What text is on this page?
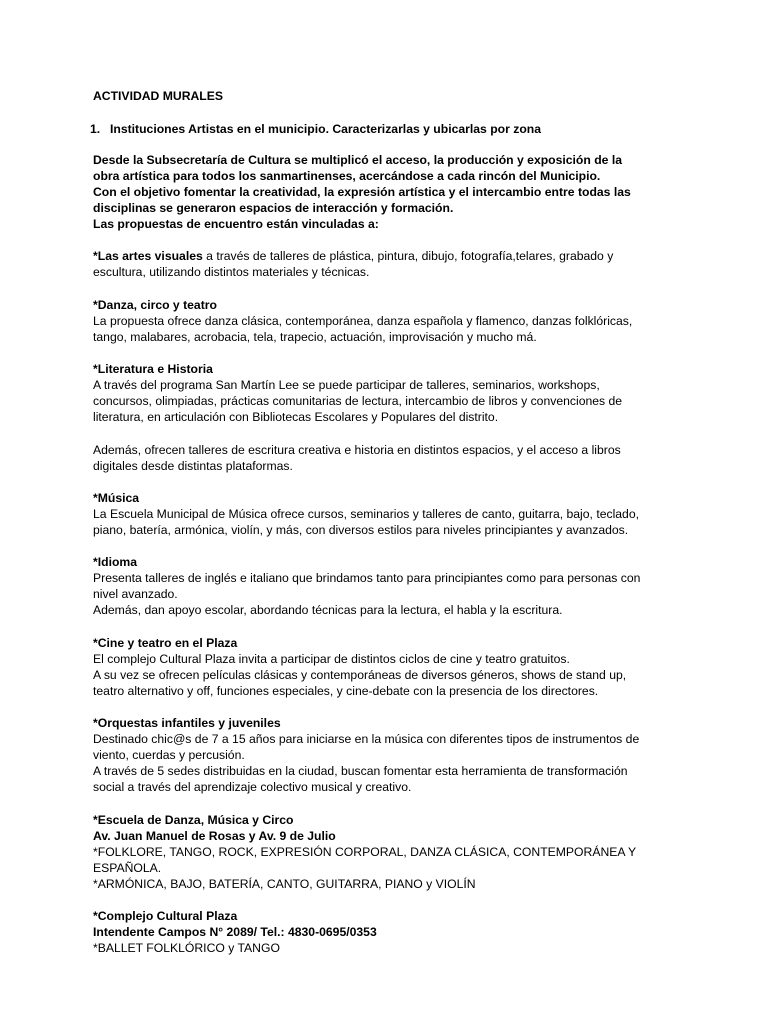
ACTIVIDAD MURALES

1. Instituciones Artistas en el municipio. Caracterizarlas y ubicarlas por zona

Desde la Subsecretaría de Cultura se multiplicó el acceso, la producción y exposición de la

obra artística para todos los sanmartinenses, acercándose a cada rincón del Municipio.

Con el objetivo fomentar la creatividad, la expresión artística y el intercambio entre todas las

disciplinas se generaron espacios de interacción y formación.

Las propuestas de encuentro están vinculadas a:

*Las artes visuales a través de talleres de plástica, pintura, dibujo, fotografía,telares, grabado y

escultura, utilizando distintos materiales y técnicas.

*Danza, circo y teatro

La propuesta ofrece danza clásica, contemporánea, danza española y flamenco, danzas folklóricas,

tango, malabares, acrobacia, tela, trapecio, actuación, improvisación y mucho má.

*Literatura e Historia

A través del programa San Martín Lee se puede participar de talleres, seminarios, workshops,

concursos, olimpiadas, prácticas comunitarias de lectura, intercambio de libros y convenciones de

literatura, en articulación con Bibliotecas Escolares y Populares del distrito.

Además, ofrecen talleres de escritura creativa e historia en distintos espacios, y el acceso a libros

digitales desde distintas plataformas.

*Música

La Escuela Municipal de Música ofrece cursos, seminarios y talleres de canto, guitarra, bajo, teclado,

piano, batería, armónica, violín, y más, con diversos estilos para niveles principiantes y avanzados.

*Idioma

Presenta talleres de inglés e italiano que brindamos tanto para principiantes como para personas con

nivel avanzado.

Además, dan apoyo escolar, abordando técnicas para la lectura, el habla y la escritura.

*Cine y teatro en el Plaza

El complejo Cultural Plaza invita a participar de distintos ciclos de cine y teatro gratuitos.

A su vez se ofrecen películas clásicas y contemporáneas de diversos géneros, shows de stand up,

teatro alternativo y off, funciones especiales, y cine-debate con la presencia de los directores.

*Orquestas infantiles y juveniles

Destinado chic@s de 7 a 15 años para iniciarse en la música con diferentes tipos de instrumentos de

viento, cuerdas y percusión.

A través de 5 sedes distribuidas en la ciudad, buscan fomentar esta herramienta de transformación

social a través del aprendizaje colectivo musical y creativo.

*Escuela de Danza, Música y Circo

Av. Juan Manuel de Rosas y Av. 9 de Julio

*FOLKLORE, TANGO, ROCK, EXPRESIÓN CORPORAL, DANZA CLÁSICA, CONTEMPORÁNEA Y

ESPAÑOLA.

*ARMÓNICA, BAJO, BATERÍA, CANTO, GUITARRA, PIANO y VIOLÍN

*Complejo Cultural Plaza

Intendente Campos N° 2089/ Tel.: 4830-0695/0353

*BALLET FOLKLÓRICO y TANGO
